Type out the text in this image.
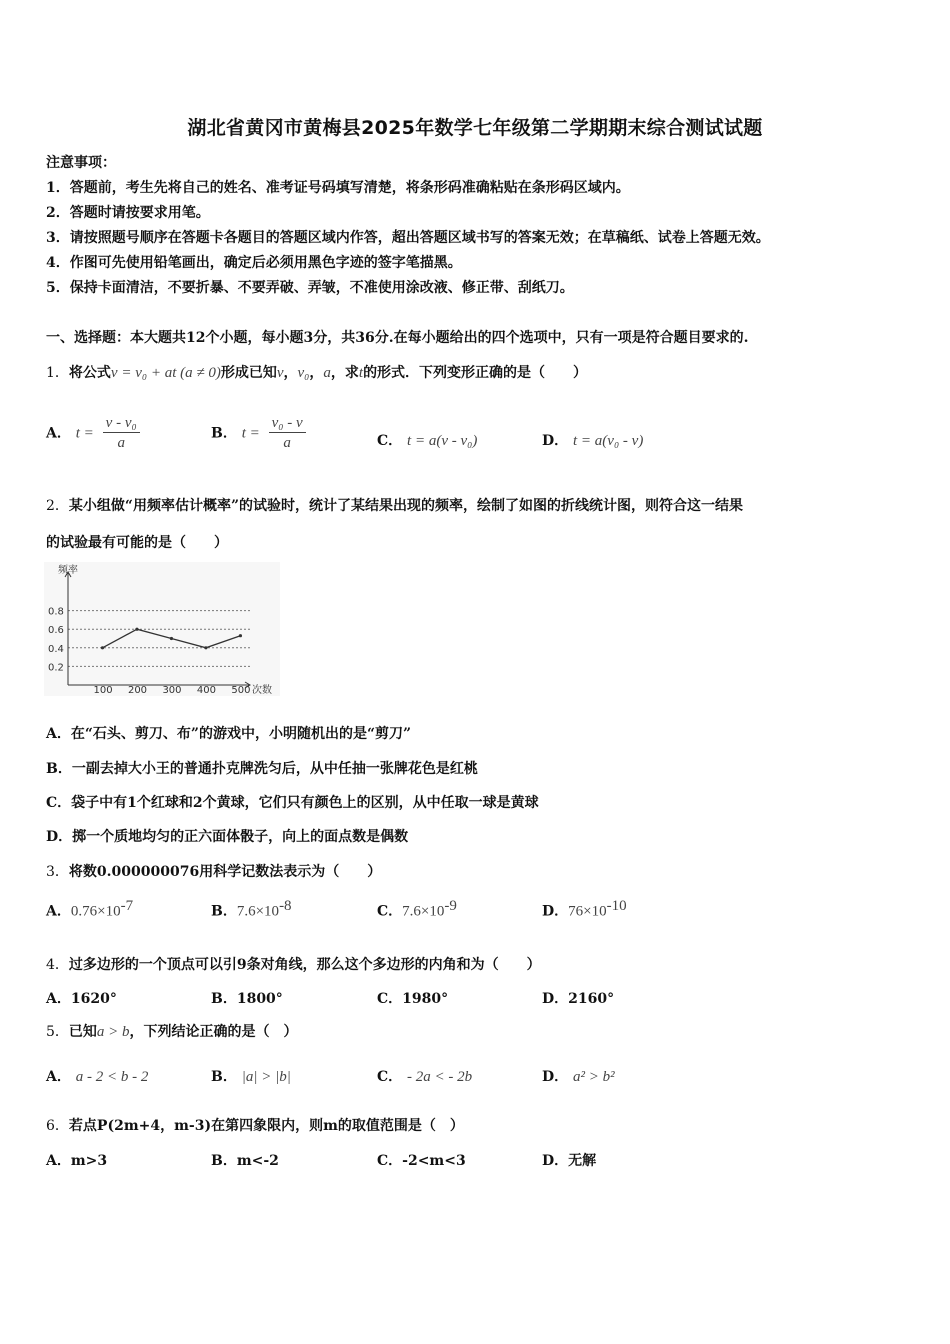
湖北省黄冈市黄梅县2025年数学七年级第二学期期末综合测试试题
注意事项：
1．答题前，考生先将自己的姓名、准考证号码填写清楚，将条形码准确粘贴在条形码区域内。
2．答题时请按要求用笔。
3．请按照题号顺序在答题卡各题目的答题区域内作答，超出答题区域书写的答案无效；在草稿纸、试卷上答题无效。
4．作图可先使用铅笔画出，确定后必须用黑色字迹的签字笔描黑。
5．保持卡面清洁，不要折暴、不要弄破、弄皱，不准使用涂改液、修正带、刮纸刀。
一、选择题：本大题共12个小题，每小题3分，共36分.在每小题给出的四个选项中，只有一项是符合题目要求的.
1．将公式v = v₀ + at (a ≠ 0)形成已知v，v₀，a，求t的形式．下列变形正确的是（　　）
A． $t = \frac{\text{v - v₀}}{a}$	B． $t = \frac{\text{v₀ - v}}{a}$	C． t = a(v - v₀)	D． t = a(v₀ - v)
2．某小组做“用频率估计概率”的试验时，统计了某结果出现的频率，绘制了如图的折线统计图，则符合这一结果
的试验最有可能的是（　　）
0.8
0.6
0.4
0.2
100 200 300 400 500
频率
次数
A．在“石头、剪刀、布”的游戏中，小明随机出的是“剪刀”
B．一副去掉大小王的普通扑克牌洗匀后，从中任抽一张牌花色是红桃
C．袋子中有1个红球和2个黄球，它们只有颜色上的区别，从中任取一球是黄球
D．掷一个质地均匀的正六面体骰子，向上的面点数是偶数
3．将数0.000000076用科学记数法表示为（　　）
A．$0.76\times 10^{-7}$	B．$7.6\times 10^{-8}$	C．$7.6\times 10^{-9}$	D．$76\times 10^{-10}$
4．过多边形的一个顶点可以引9条对角线，那么这个多边形的内角和为（　　）
A．1620°	B．1800°	C．1980°	D．2160°
5．已知a > b，下列结论正确的是（　）
A． a - 2 < b - 2	B． |a| > |b|	C． - 2a < - 2b	D． a² > b²
6．若点P(2m+4，m-3)在第四象限内，则m的取值范围是（　）
A．m>3	B．m<-2	C．-2<m<3	D．无解
